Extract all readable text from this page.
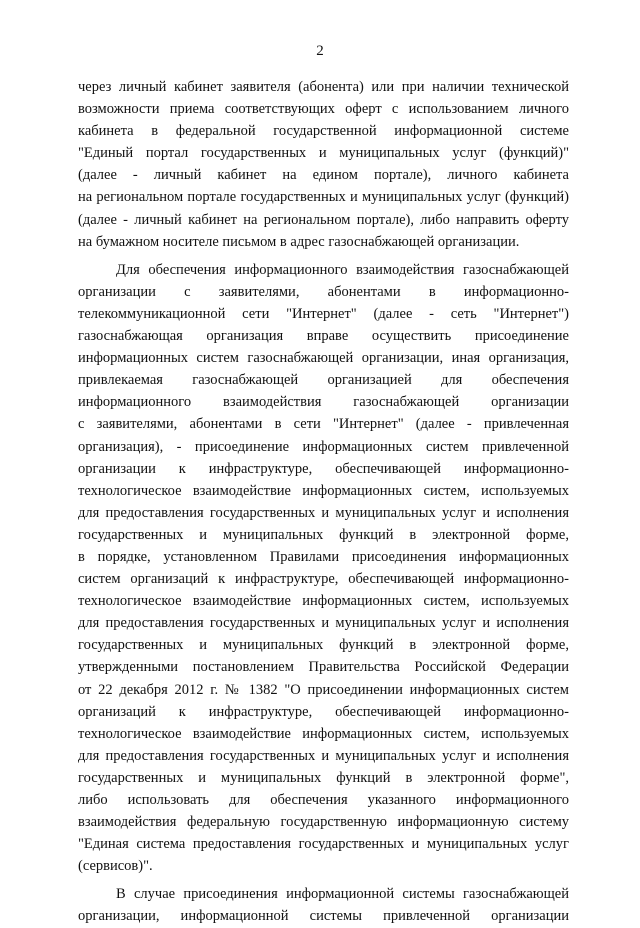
2
через личный кабинет заявителя (абонента) или при наличии технической
возможности приема соответствующих оферт с использованием личного
кабинета в федеральной государственной информационной системе
"Единый портал государственных и муниципальных услуг (функций)"
(далее - личный кабинет на едином портале), личного кабинета
на региональном портале государственных и муниципальных услуг (функций)
(далее - личный кабинет на региональном портале), либо направить оферту
на бумажном носителе письмом в адрес газоснабжающей организации.
Для обеспечения информационного взаимодействия газоснабжающей
организации с заявителями, абонентами в информационно-
телекоммуникационной сети "Интернет" (далее - сеть "Интернет")
газоснабжающая организация вправе осуществить присоединение
информационных систем газоснабжающей организации, иная организация,
привлекаемая газоснабжающей организацией для обеспечения
информационного взаимодействия газоснабжающей организации
с заявителями, абонентами в сети "Интернет" (далее - привлеченная
организация), - присоединение информационных систем привлеченной
организации к инфраструктуре, обеспечивающей информационно-
технологическое взаимодействие информационных систем, используемых
для предоставления государственных и муниципальных услуг и исполнения
государственных и муниципальных функций в электронной форме,
в порядке, установленном Правилами присоединения информационных
систем организаций к инфраструктуре, обеспечивающей информационно-
технологическое взаимодействие информационных систем, используемых
для предоставления государственных и муниципальных услуг и исполнения
государственных и муниципальных функций в электронной форме,
утвержденными постановлением Правительства Российской Федерации
от 22 декабря 2012 г. № 1382 "О присоединении информационных систем
организаций к инфраструктуре, обеспечивающей информационно-
технологическое взаимодействие информационных систем, используемых
для предоставления государственных и муниципальных услуг и исполнения
государственных и муниципальных функций в электронной форме",
либо использовать для обеспечения указанного информационного
взаимодействия федеральную государственную информационную систему
"Единая система предоставления государственных и муниципальных услуг
(сервисов)".
В случае присоединения информационной системы газоснабжающей
организации, информационной системы привлеченной организации
